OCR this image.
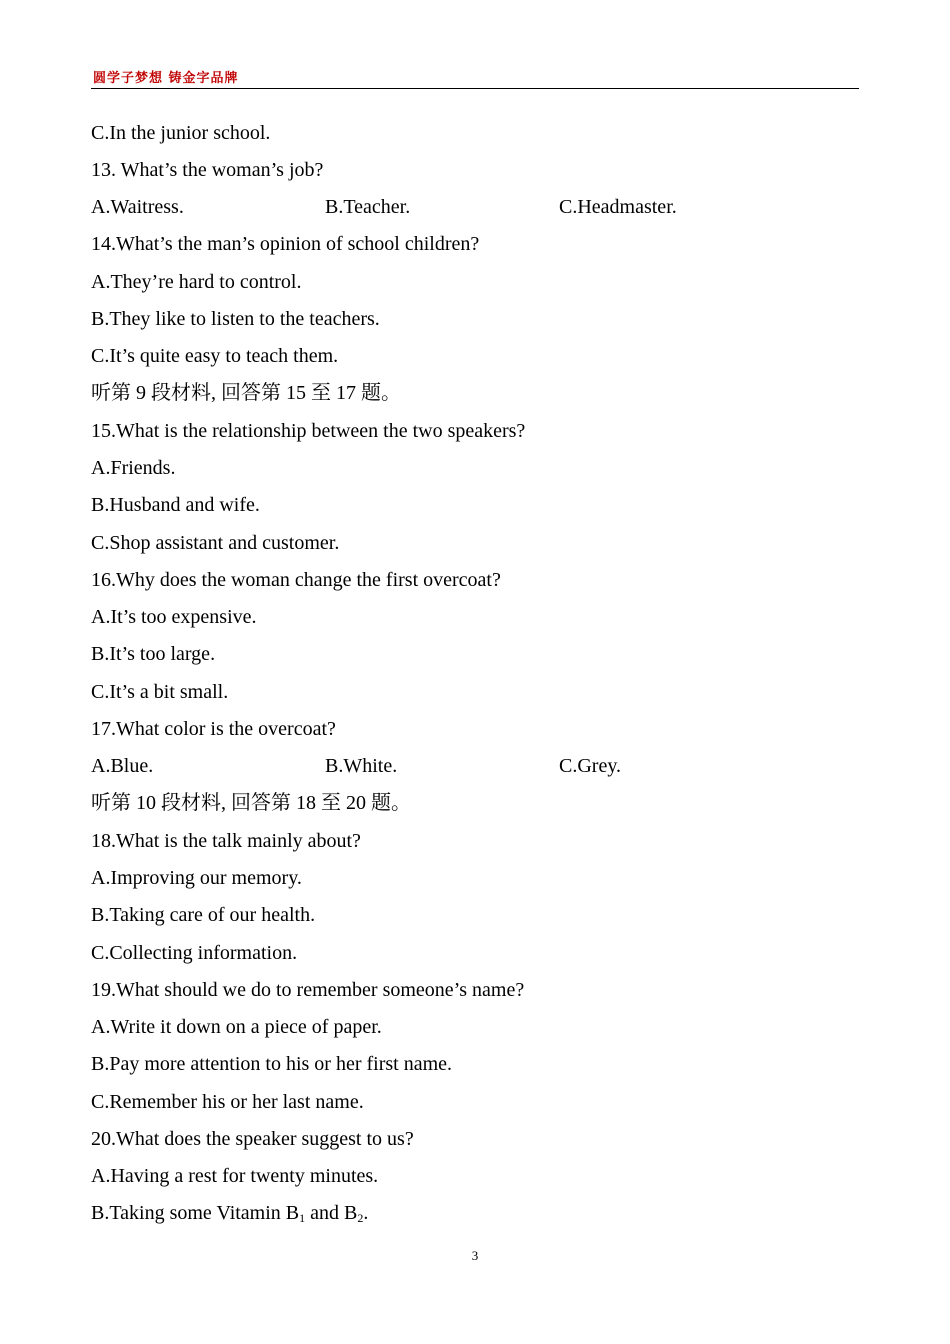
圆学子梦想 铸金字品牌
C.In the junior school.
13. What’s the woman’s job?
A.Waitress.	B.Teacher.	C.Headmaster.
14.What’s the man’s opinion of school children?
A.They’re hard to control.
B.They like to listen to the teachers.
C.It’s quite easy to teach them.
听第 9 段材料, 回答第 15 至 17 题。
15.What is the relationship between the two speakers?
A.Friends.
B.Husband and wife.
C.Shop assistant and customer.
16.Why does the woman change the first overcoat?
A.It’s too expensive.
B.It’s too large.
C.It’s a bit small.
17.What color is the overcoat?
A.Blue.	B.White.	C.Grey.
听第 10 段材料, 回答第 18 至 20 题。
18.What is the talk mainly about?
A.Improving our memory.
B.Taking care of our health.
C.Collecting information.
19.What should we do to remember someone’s name?
A.Write it down on a piece of paper.
B.Pay more attention to his or her first name.
C.Remember his or her last name.
20.What does the speaker suggest to us?
A.Having a rest for twenty minutes.
B.Taking some Vitamin $B_1$ and $B_2$.
3
